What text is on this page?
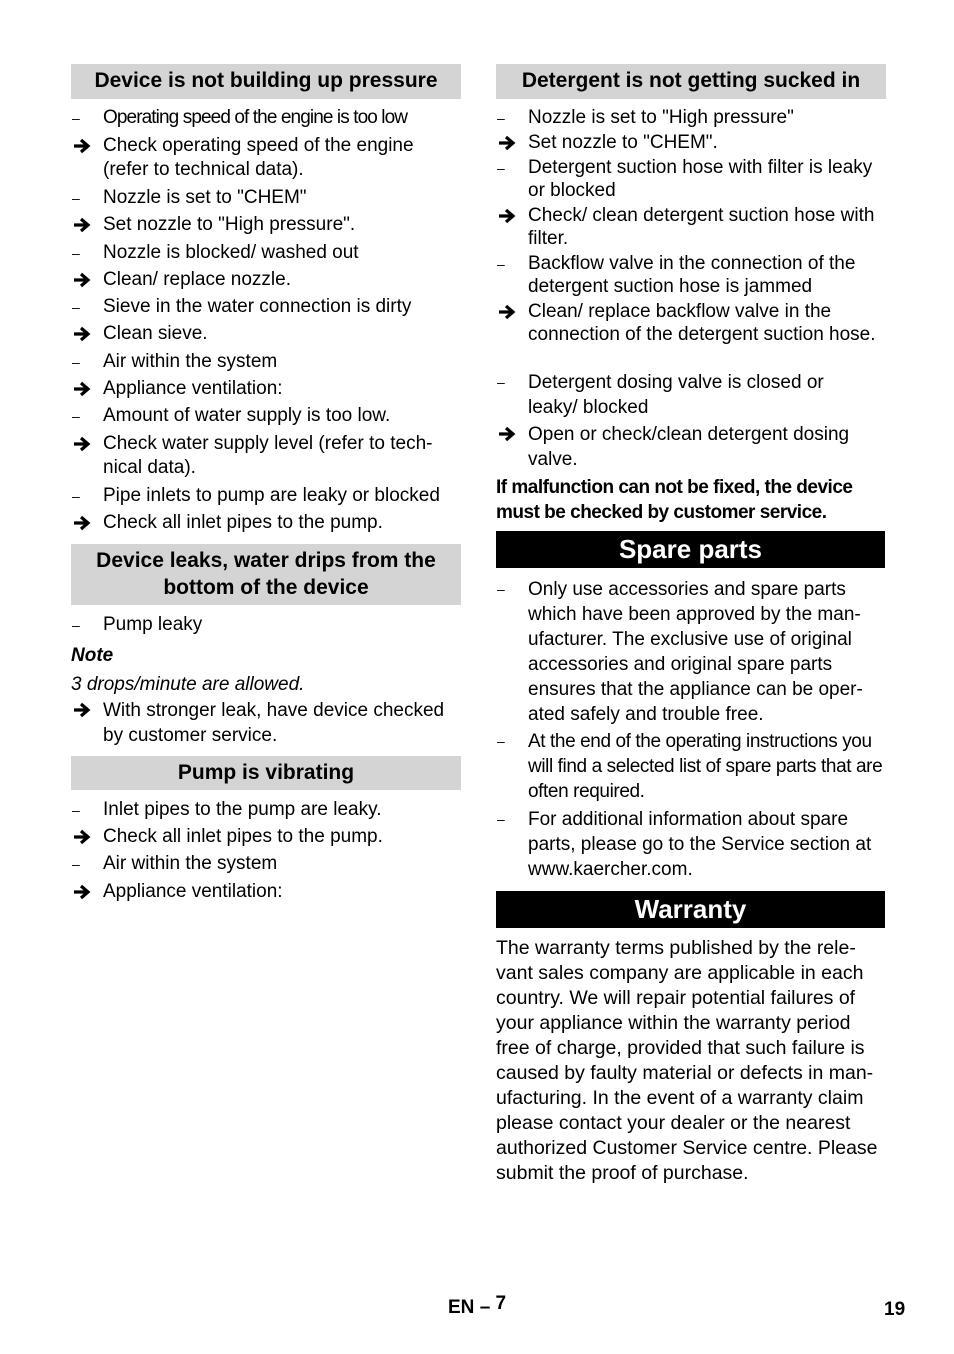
Device is not building up pressure
–	Operating speed of the engine is too low
Check operating speed of the engine (refer to technical data).
–	Nozzle is set to "CHEM"
Set nozzle to "High pressure".
–	Nozzle is blocked/ washed out
Clean/ replace nozzle.
–	Sieve in the water connection is dirty
Clean sieve.
–	Air within the system
Appliance ventilation:
–	Amount of water supply is too low.
Check water supply level (refer to tech-nical data).
–	Pipe inlets to pump are leaky or blocked
Check all inlet pipes to the pump.
Device leaks, water drips from the bottom of the device
–	Pump leaky
Note
3 drops/minute are allowed.
With stronger leak, have device checked by customer service.
Pump is vibrating
–	Inlet pipes to the pump are leaky.
Check all inlet pipes to the pump.
–	Air within the system
Appliance ventilation:
Detergent is not getting sucked in
–	Nozzle is set to "High pressure"
Set nozzle to "CHEM".
–	Detergent suction hose with filter is leaky or blocked
Check/ clean detergent suction hose with filter.
–	Backflow valve in the connection of the detergent suction hose is jammed
Clean/ replace backflow valve in the connection of the detergent suction hose.
–	Detergent dosing valve is closed or leaky/ blocked
Open or check/clean detergent dosing valve.
If malfunction can not be fixed, the device must be checked by customer service.
Spare parts
–	Only use accessories and spare parts which have been approved by the man-ufacturer. The exclusive use of original accessories and original spare parts ensures that the appliance can be oper-ated safely and trouble free.
–	At the end of the operating instructions you will find a selected list of spare parts that are often required.
–	For additional information about spare parts, please go to the Service section at www.kaercher.com.
Warranty
The warranty terms published by the rele-vant sales company are applicable in each country. We will repair potential failures of your appliance within the warranty period free of charge, provided that such failure is caused by faulty material or defects in man-ufacturing. In the event of a warranty claim please contact your dealer or the nearest authorized Customer Service centre. Please submit the proof of purchase.
EN – 7	19
